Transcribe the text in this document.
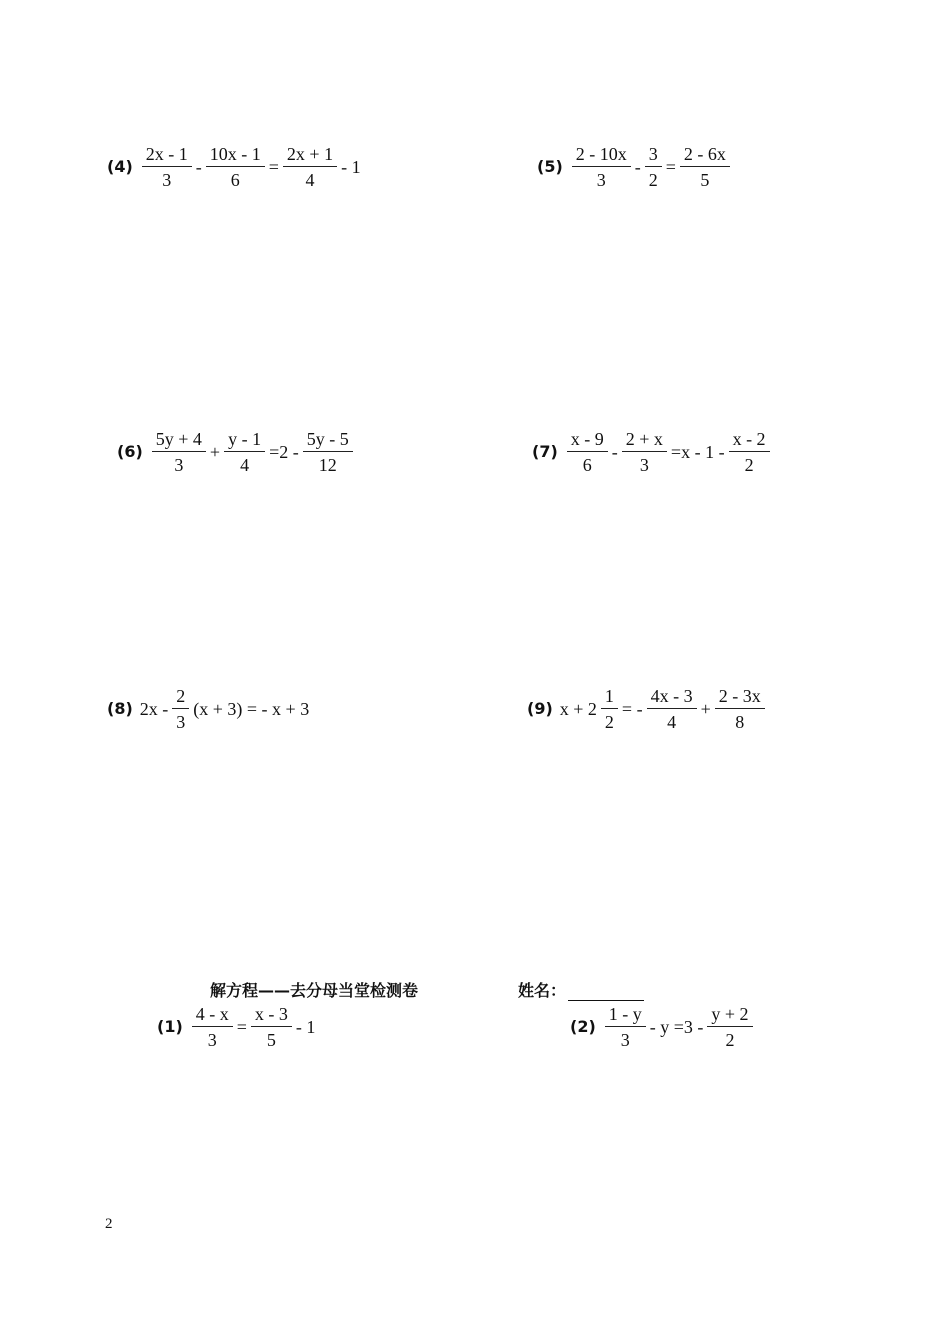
$(4) \frac{2x - 1}{3} - \frac{10x - 1}{6} = \frac{2x + 1}{4} - 1$	$(5) \frac{2 - 10x}{3} - \frac{3}{2} = \frac{2 - 6x}{5}$
$(6) \frac{5y + 4}{3} + \frac{y - 1}{4} =2 - \frac{5y - 5}{12}$	$(7) \frac{x - 9}{6} - \frac{2 + x}{3} =x - 1 - \frac{x - 2}{2}$
(8) $2x - \frac{2}{3} (x + 3)$ = - x + 3	(9) $x + 2 \frac{1}{2}$ = - $\frac{4x - 3}{4} + \frac{2 - 3x}{8}$
解方程——去分母当堂检测卷	姓名：
$(1) \frac{4 - x}{3} = \frac{x - 3}{5} - 1$	$(2) \frac{1 - y}{3} - y =3 - \frac{y + 2}{2}$
2
